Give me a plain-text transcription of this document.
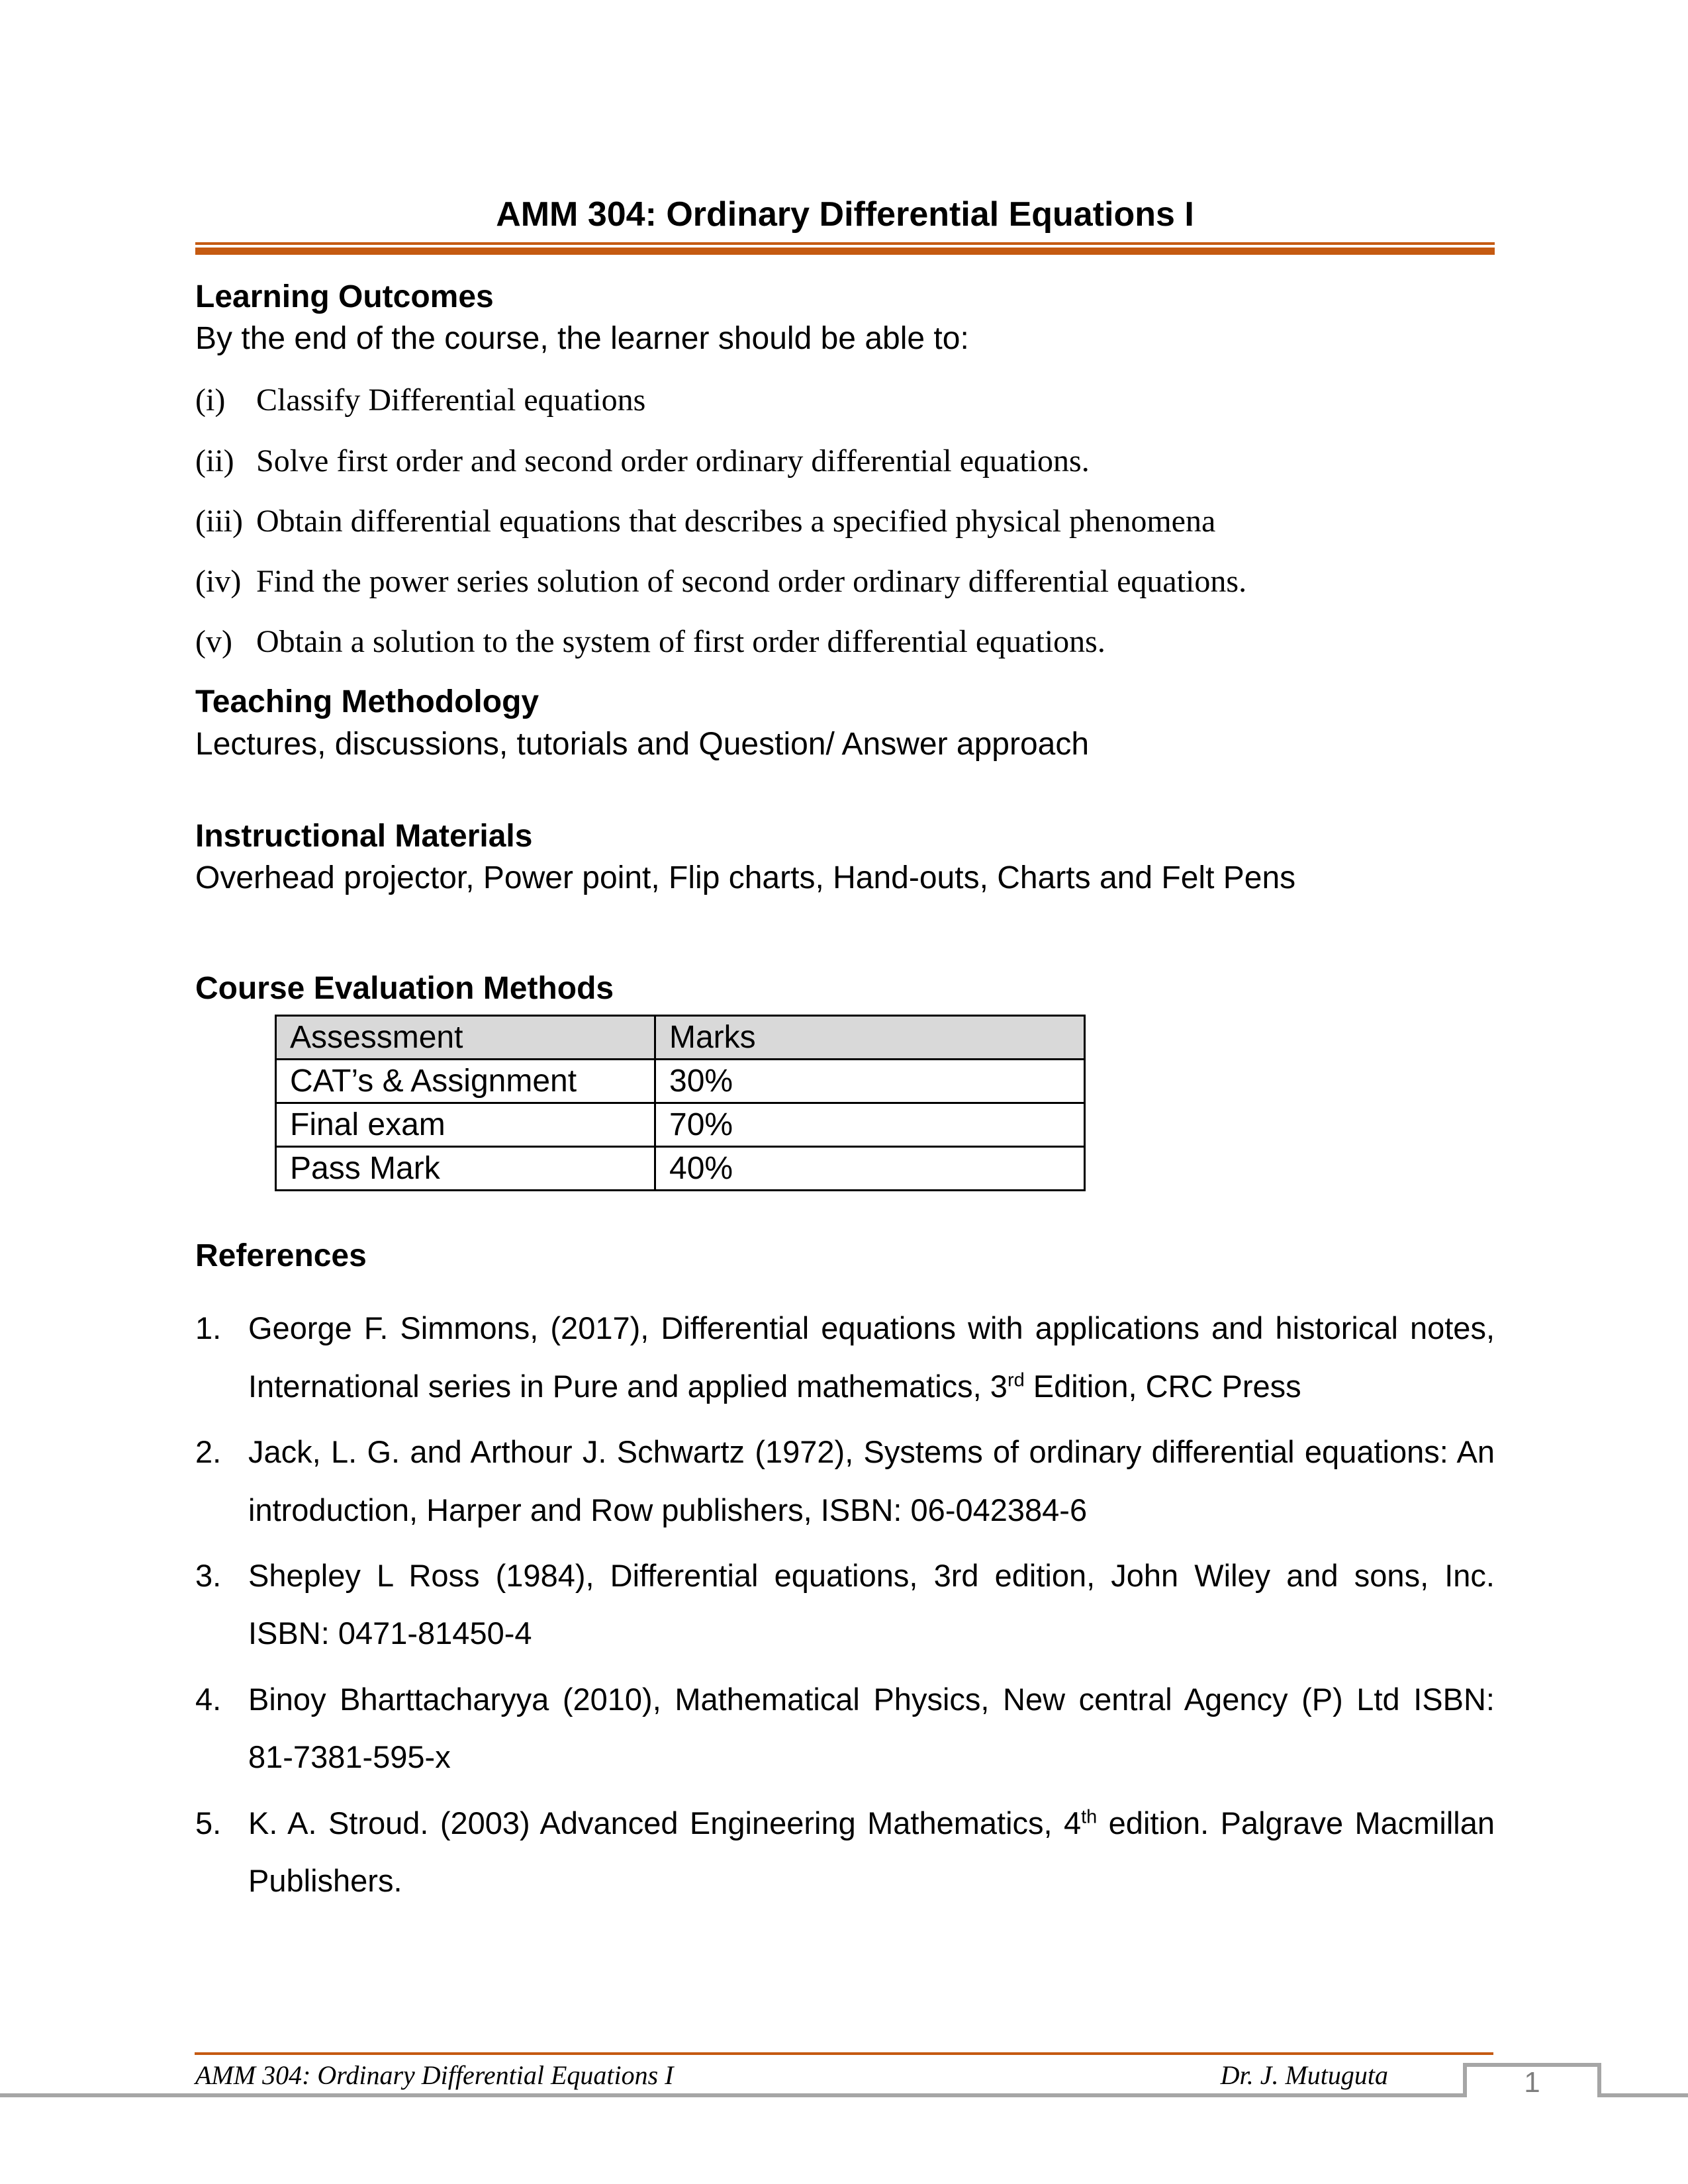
AMM 304: Ordinary Differential Equations I
Learning Outcomes
By the end of the course, the learner should be able to:
(i) Classify Differential equations
(ii) Solve first order and second order ordinary differential equations.
(iii) Obtain differential equations that describes a specified physical phenomena
(iv) Find the power series solution of second order ordinary differential equations.
(v) Obtain a solution to the system of first order differential equations.
Teaching Methodology
Lectures, discussions, tutorials and Question/ Answer approach
Instructional Materials
Overhead projector, Power point, Flip charts, Hand-outs, Charts and Felt Pens
Course Evaluation Methods
Assessment	Marks
CAT’s & Assignment	30%
Final exam	70%
Pass Mark	40%
References
1. George F. Simmons, (2017), Differential equations with applications and historical notes, International series in Pure and applied mathematics, 3rd Edition, CRC Press
2. Jack, L. G. and Arthour J. Schwartz (1972), Systems of ordinary differential equations: An introduction, Harper and Row publishers, ISBN: 06-042384-6
3. Shepley L Ross (1984), Differential equations, 3rd edition, John Wiley and sons, Inc. ISBN: 0471-81450-4
4. Binoy Bharttacharyya (2010), Mathematical Physics, New central Agency (P) Ltd ISBN: 81-7381-595-x
5. K. A. Stroud. (2003) Advanced Engineering Mathematics, 4th edition. Palgrave Macmillan Publishers.
AMM 304: Ordinary Differential Equations I	Dr. J. Mutuguta	1
